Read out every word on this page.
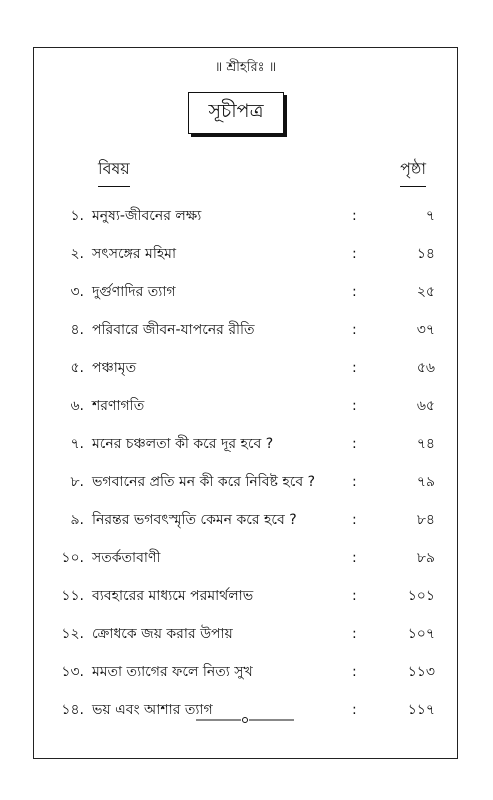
॥ শ্রীহরিঃ ॥
সূচীপত্র
বিষয়	পৃষ্ঠা
১. মনুষ্য-জীবনের লক্ষ্য	:	৭
২. সৎসঙ্গের মহিমা	:	১৪
৩. দুর্গুণাদির ত্যাগ	:	২৫
৪. পরিবারে জীবন-যাপনের রীতি	:	৩৭
৫. পঞ্চামৃত	:	৫৬
৬. শরণাগতি	:	৬৫
৭. মনের চঞ্চলতা কী করে দূর হবে ?	:	৭৪
৮. ভগবানের প্রতি মন কী করে নিবিষ্ট হবে ?	:	৭৯
৯. নিরন্তর ভগবৎস্মৃতি কেমন করে হবে ?	:	৮৪
১০. সতর্কতাবাণী	:	৮৯
১১. ব্যবহারের মাধ্যমে পরমার্থলাভ	:	১০১
১২. ক্রোধকে জয় করার উপায়	:	১০৭
১৩. মমতা ত্যাগের ফলে নিত্য সুখ	:	১১৩
১৪. ভয় এবং আশার ত্যাগ	:	১১৭
